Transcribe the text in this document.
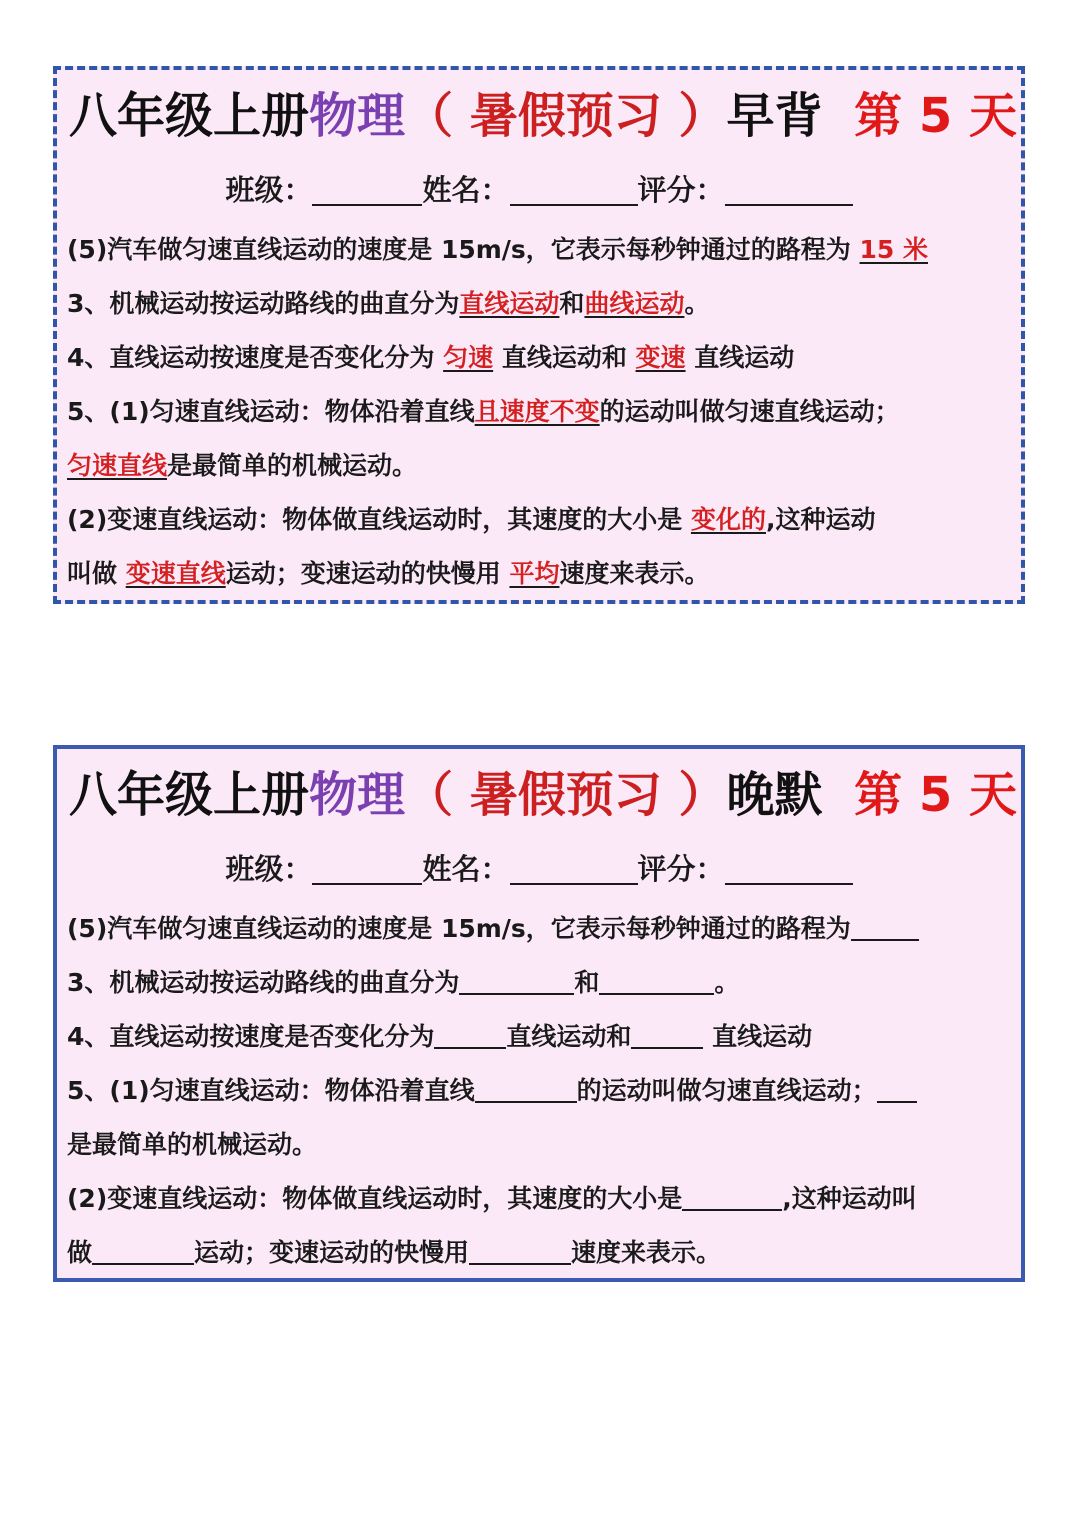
八年级上册物理（ 暑假预习 ）早背 第 5 天
班级：	姓名：	评分：
(5)汽车做匀速直线运动的速度是 15m/s，它表示每秒钟通过的路程为 15 米
3、机械运动按运动路线的曲直分为直线运动和曲线运动。
4、直线运动按速度是否变化分为 匀速 直线运动和 变速 直线运动
5、(1)匀速直线运动：物体沿着直线且速度不变的运动叫做匀速直线运动；
匀速直线是最简单的机械运动。
(2)变速直线运动：物体做直线运动时，其速度的大小是 变化的,这种运动
叫做 变速直线运动；变速运动的快慢用 平均速度来表示。
八年级上册物理（ 暑假预习 ）晚默 第 5 天
班级：	姓名：	评分：
(5)汽车做匀速直线运动的速度是 15m/s，它表示每秒钟通过的路程为
3、机械运动按运动路线的曲直分为	和	。
4、直线运动按速度是否变化分为	直线运动和	直线运动
5、(1)匀速直线运动：物体沿着直线	的运动叫做匀速直线运动；
是最简单的机械运动。
(2)变速直线运动：物体做直线运动时，其速度的大小是	,这种运动叫
做	运动；变速运动的快慢用	速度来表示。
